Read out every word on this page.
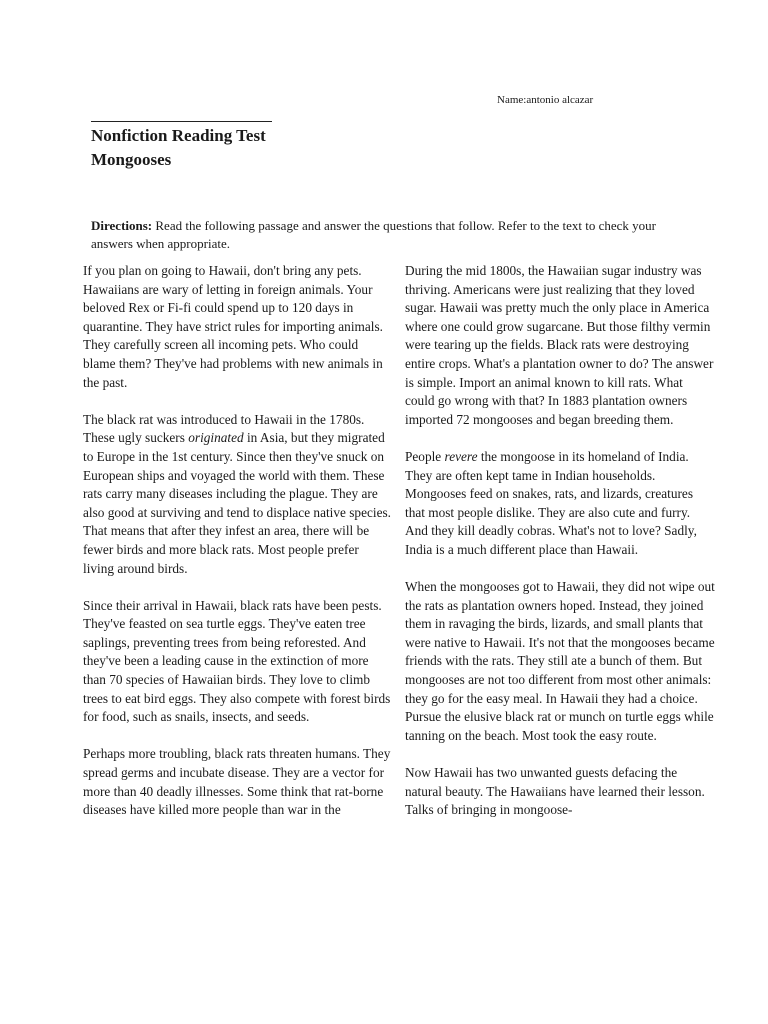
Name:antonio alcazar
Nonfiction Reading Test
Mongooses
Directions: Read the following passage and answer the questions that follow. Refer to the text to check your answers when appropriate.

If you plan on going to Hawaii, don't bring any pets. Hawaiians are wary of letting in foreign animals. Your beloved Rex or Fi-fi could spend up to 120 days in quarantine. They have strict rules for importing animals. They carefully screen all incoming pets. Who could blame them? They've had problems with new animals in the past.

The black rat was introduced to Hawaii in the 1780s. These ugly suckers originated in Asia, but they migrated to Europe in the 1st century. Since then they've snuck on European ships and voyaged the world with them. These rats carry many diseases including the plague. They are also good at surviving and tend to displace native species. That means that after they infest an area, there will be fewer birds and more black rats. Most people prefer living around birds.

Since their arrival in Hawaii, black rats have been pests. They've feasted on sea turtle eggs. They've eaten tree saplings, preventing trees from being reforested. And they've been a leading cause in the extinction of more than 70 species of Hawaiian birds. They love to climb trees to eat bird eggs. They also compete with forest birds for food, such as snails, insects, and seeds.

Perhaps more troubling, black rats threaten humans. They spread germs and incubate disease. They are a vector for more than 40 deadly illnesses. Some think that rat-borne diseases have killed more people than war in the

During the mid 1800s, the Hawaiian sugar industry was thriving. Americans were just realizing that they loved sugar. Hawaii was pretty much the only place in America where one could grow sugarcane. But those filthy vermin were tearing up the fields. Black rats were destroying entire crops. What's a plantation owner to do? The answer is simple. Import an animal known to kill rats. What could go wrong with that? In 1883 plantation owners imported 72 mongooses and began breeding them.

People revere the mongoose in its homeland of India. They are often kept tame in Indian households. Mongooses feed on snakes, rats, and lizards, creatures that most people dislike. They are also cute and furry. And they kill deadly cobras. What's not to love? Sadly, India is a much different place than Hawaii.

When the mongooses got to Hawaii, they did not wipe out the rats as plantation owners hoped. Instead, they joined them in ravaging the birds, lizards, and small plants that were native to Hawaii. It's not that the mongooses became friends with the rats. They still ate a bunch of them. But mongooses are not too different from most other animals: they go for the easy meal. In Hawaii they had a choice. Pursue the elusive black rat or munch on turtle eggs while tanning on the beach. Most took the easy route.

Now Hawaii has two unwanted guests defacing the natural beauty. The Hawaiians have learned their lesson. Talks of bringing in mongoose-
